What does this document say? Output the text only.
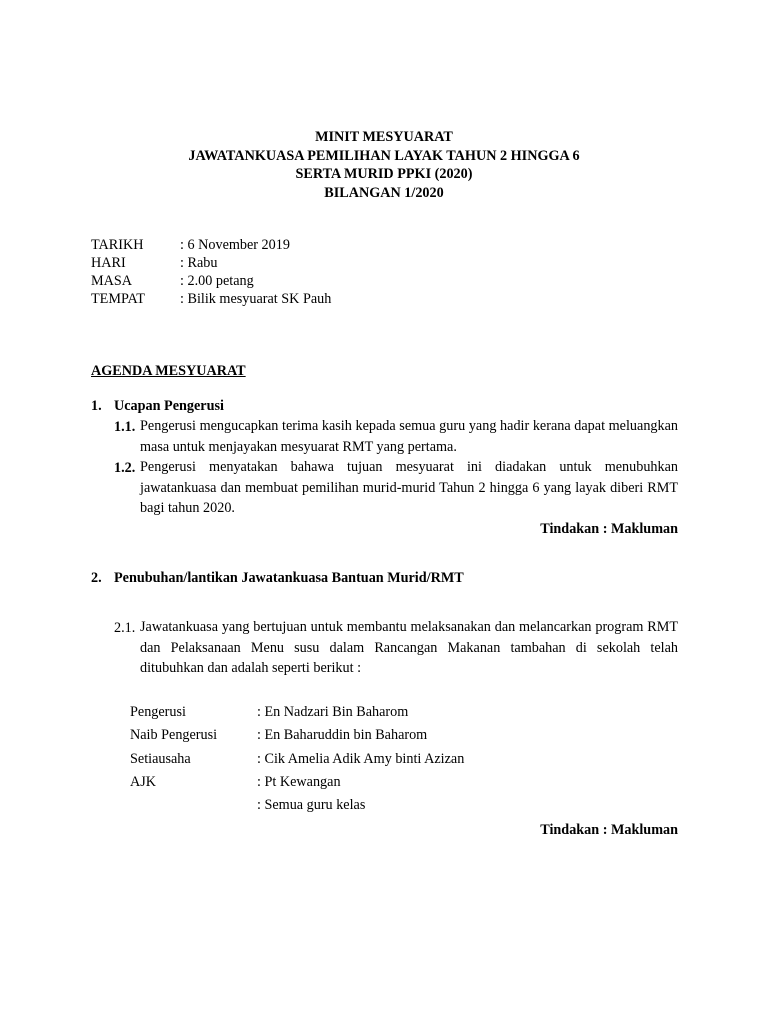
MINIT MESYUARAT
JAWATANKUASA PEMILIHAN LAYAK TAHUN 2 HINGGA 6
SERTA MURID PPKI (2020)
BILANGAN 1/2020
TARIKH	: 6 November 2019
HARI	: Rabu
MASA	: 2.00 petang
TEMPAT : Bilik mesyuarat SK Pauh
AGENDA MESYUARAT
1. Ucapan Pengerusi
1.1. Pengerusi mengucapkan terima kasih kepada semua guru yang hadir kerana dapat meluangkan masa untuk menjayakan mesyuarat RMT yang pertama.
1.2. Pengerusi menyatakan bahawa tujuan mesyuarat ini diadakan untuk menubuhkan jawatankuasa dan membuat pemilihan murid-murid Tahun 2 hingga 6 yang layak diberi RMT bagi tahun 2020.
Tindakan : Makluman
2. Penubuhan/lantikan Jawatankuasa Bantuan Murid/RMT
2.1. Jawatankuasa yang bertujuan untuk membantu melaksanakan dan melancarkan program RMT dan Pelaksanaan Menu susu dalam Rancangan Makanan tambahan di sekolah telah ditubuhkan dan adalah seperti berikut :
Pengerusi	: En Nadzari Bin Baharom
Naib Pengerusi	: En Baharuddin bin Baharom
Setiausaha	: Cik Amelia Adik Amy binti Azizan
AJK	: Pt Kewangan
: Semua guru kelas
Tindakan : Makluman
